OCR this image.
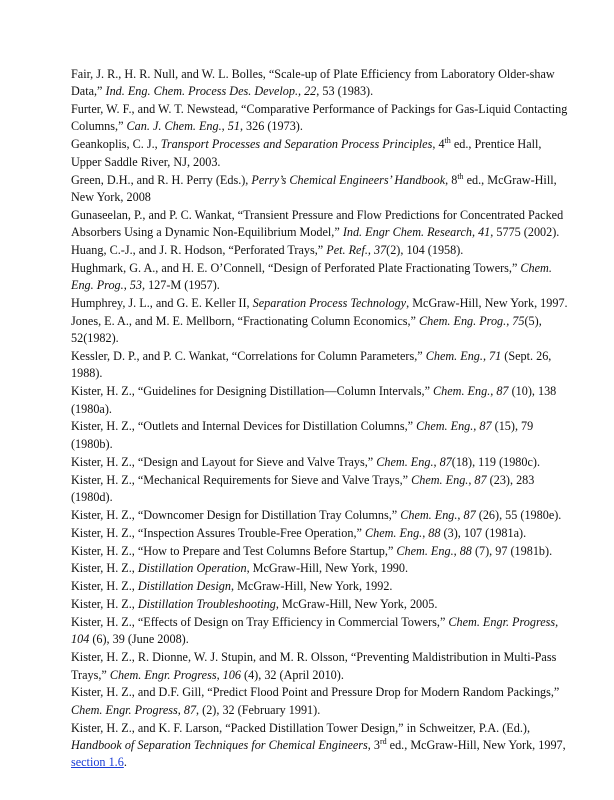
Fair, J. R., H. R. Null, and W. L. Bolles, “Scale-up of Plate Efficiency from Laboratory Older-shaw Data,” Ind. Eng. Chem. Process Des. Develop., 22, 53 (1983).
Furter, W. F., and W. T. Newstead, “Comparative Performance of Packings for Gas-Liquid Contacting Columns,” Can. J. Chem. Eng., 51, 326 (1973).
Geankoplis, C. J., Transport Processes and Separation Process Principles, 4th ed., Prentice Hall, Upper Saddle River, NJ, 2003.
Green, D.H., and R. H. Perry (Eds.), Perry’s Chemical Engineers’ Handbook, 8th ed., McGraw-Hill, New York, 2008
Gunaseelan, P., and P. C. Wankat, “Transient Pressure and Flow Predictions for Concentrated Packed Absorbers Using a Dynamic Non-Equilibrium Model,” Ind. Engr Chem. Research, 41, 5775 (2002).
Huang, C.-J., and J. R. Hodson, “Perforated Trays,” Pet. Ref., 37(2), 104 (1958).
Hughmark, G. A., and H. E. O’Connell, “Design of Perforated Plate Fractionating Towers,” Chem. Eng. Prog., 53, 127-M (1957).
Humphrey, J. L., and G. E. Keller II, Separation Process Technology, McGraw-Hill, New York, 1997.
Jones, E. A., and M. E. Mellborn, “Fractionating Column Economics,” Chem. Eng. Prog., 75(5), 52(1982).
Kessler, D. P., and P. C. Wankat, “Correlations for Column Parameters,” Chem. Eng., 71 (Sept. 26, 1988).
Kister, H. Z., “Guidelines for Designing Distillation—Column Intervals,” Chem. Eng., 87 (10), 138 (1980a).
Kister, H. Z., “Outlets and Internal Devices for Distillation Columns,” Chem. Eng., 87 (15), 79 (1980b).
Kister, H. Z., “Design and Layout for Sieve and Valve Trays,” Chem. Eng., 87(18), 119 (1980c).
Kister, H. Z., “Mechanical Requirements for Sieve and Valve Trays,” Chem. Eng., 87 (23), 283 (1980d).
Kister, H. Z., “Downcomer Design for Distillation Tray Columns,” Chem. Eng., 87 (26), 55 (1980e).
Kister, H. Z., “Inspection Assures Trouble-Free Operation,” Chem. Eng., 88 (3), 107 (1981a).
Kister, H. Z., “How to Prepare and Test Columns Before Startup,” Chem. Eng., 88 (7), 97 (1981b).
Kister, H. Z., Distillation Operation, McGraw-Hill, New York, 1990.
Kister, H. Z., Distillation Design, McGraw-Hill, New York, 1992.
Kister, H. Z., Distillation Troubleshooting, McGraw-Hill, New York, 2005.
Kister, H. Z., “Effects of Design on Tray Efficiency in Commercial Towers,” Chem. Engr. Progress, 104 (6), 39 (June 2008).
Kister, H. Z., R. Dionne, W. J. Stupin, and M. R. Olsson, “Preventing Maldistribution in Multi-Pass Trays,” Chem. Engr. Progress, 106 (4), 32 (April 2010).
Kister, H. Z., and D.F. Gill, “Predict Flood Point and Pressure Drop for Modern Random Packings,” Chem. Engr. Progress, 87, (2), 32 (February 1991).
Kister, H. Z., and K. F. Larson, “Packed Distillation Tower Design,” in Schweitzer, P.A. (Ed.), Handbook of Separation Techniques for Chemical Engineers, 3rd ed., McGraw-Hill, New York, 1997, section 1.6.
